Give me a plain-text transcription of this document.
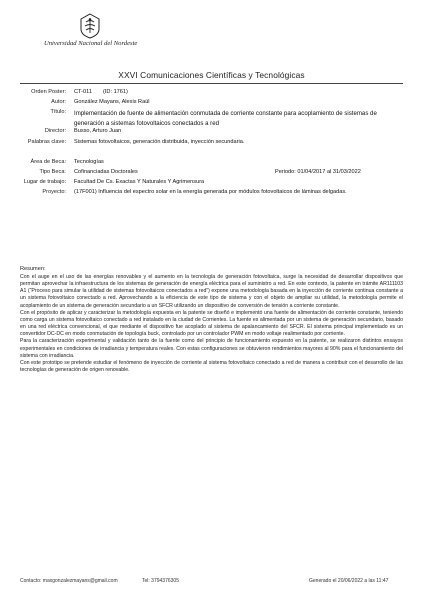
Universidad Nacional del Nordeste
XXVI Comunicaciones Científicas y Tecnológicas
Orden Poster: CT-011 (ID: 1761)
Autor: González Mayans, Alexis Raúl
Título: Implementación de fuente de alimentación conmutada de corriente constante para acoplamiento de sistemas de generación a sistemas fotovoltaicos conectados a red
Director: Busso, Arturo Juan
Palabras clave: Sistemas fotovoltaicos, generación distribuida, inyección secundaria.
Área de Beca: Tecnologías
Tipo Beca: Cofinanciadas Doctorales	Periodo: 01/04/2017 al 31/03/2022
Lugar de trabajo: Facultad De Cs. Exactas Y Naturales Y Agrimensura
Proyecto: (17F001) Influencia del espectro solar en la energía generada por módulos fotovoltaicos de láminas delgadas.
Resumen:

Con el auge en el uso de las energías renovables y el aumento en la tecnología de generación fotovoltaica, surge la necesidad de desarrollar dispositivos que permitan aprovechar la infraestructura de los sistemas de generación de energía eléctrica para el suministro a red. En este contexto, la patente en trámite AR111103 A1 (“Proceso para simular la utilidad de sistemas fotovoltaicos conectados a red”) expone una metodología basada en la inyección de corriente continua constante a un sistema fotovoltaico conectado a red. Aprovechando a la eficiencia de este tipo de sistema y con el objeto de ampliar su utilidad, la metodología permite el acoplamiento de un sistema de generación secundario a un SFCR utilizando un dispositivo de conversión de tensión a corriente constante.

Con el propósito de aplicar y caracterizar la metodología expuesta en la patente se diseñó e implementó una fuente de alimentación de corriente constante, teniendo como carga un sistema fotovoltaico conectado a red instalado en la ciudad de Corrientes. La fuente es alimentada por un sistema de generación secundario, basado en una red eléctrica convencional, el que mediante el dispositivo fue acoplado al sistema de apalancamiento del SFCR. El sistema principal implementado es un convertidor DC-DC en modo conmutación de topología buck, controlado por un controlador PWM en modo voltaje realimentado por corriente.

Para la caracterización experimental y validación tanto de la fuente como del principio de funcionamiento expuesto en la patente, se realizaron distintos ensayos experimentales en condiciones de irradiancia y temperatura reales. Con estas configuraciones se obtuvieron rendimientos mayores al 90% para el funcionamiento del sistema con irradiancia.

Con este prototipo se pretende estudiar el fenómeno de inyección de corriente al sistema fotovoltaico conectado a red de manera a contribuir con el desarrollo de las tecnologías de generación de origen renovable.

Contacto: maxgonzalezmayans@gmail.com	Tel: 3794376305	Generado el 20/06/2022 a las 11:47
